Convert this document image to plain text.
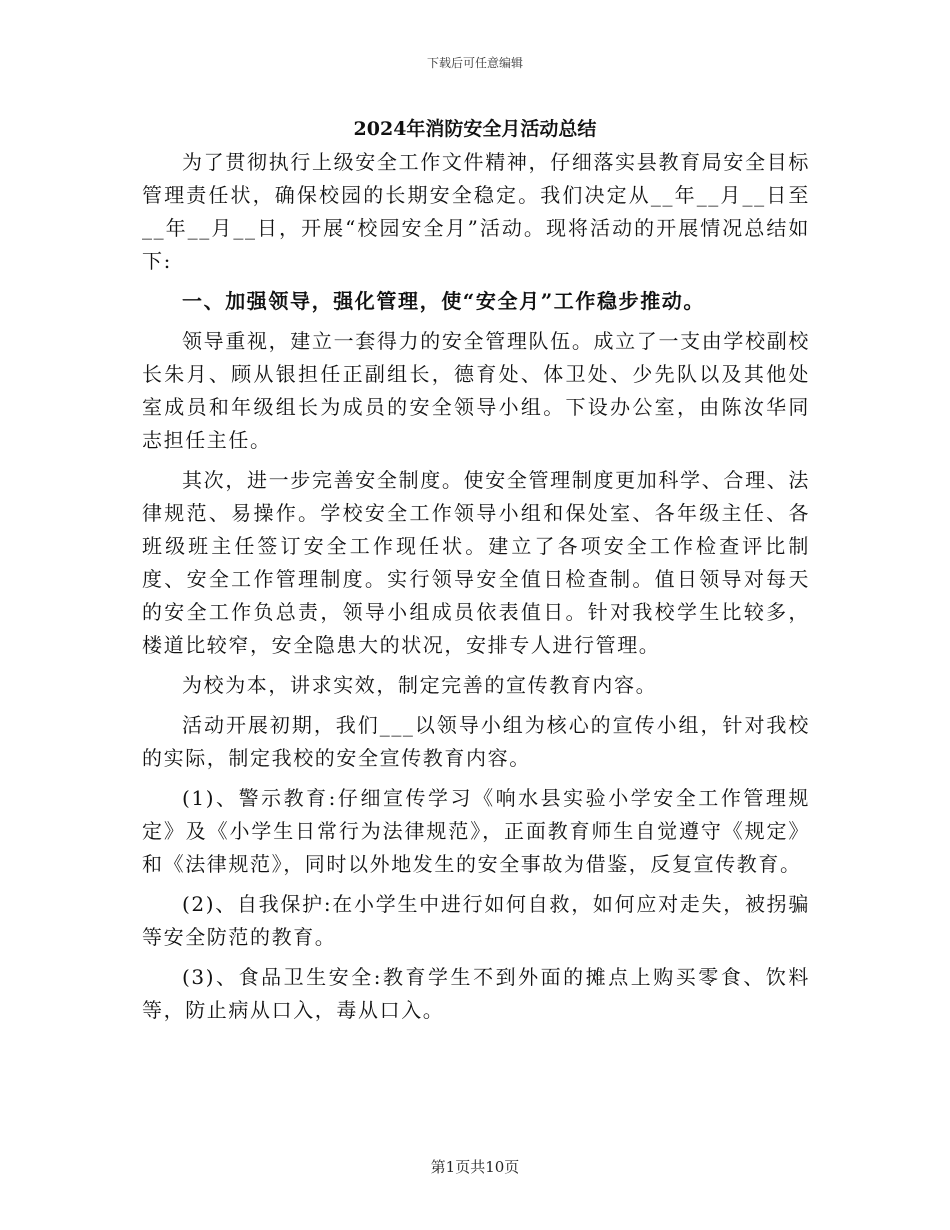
下载后可任意编辑
2024年消防安全月活动总结

为了贯彻执行上级安全工作文件精神，仔细落实县教育局安全目标管理责任状，确保校园的长期安全稳定。我们决定从__年__月__日至__年__月__日，开展“校园安全月”活动。现将活动的开展情况总结如下:

一、加强领导，强化管理，使“安全月”工作稳步推动。

领导重视，建立一套得力的安全管理队伍。成立了一支由学校副校长朱月、顾从银担任正副组长，德育处、体卫处、少先队以及其他处室成员和年级组长为成员的安全领导小组。下设办公室，由陈汝华同志担任主任。

其次，进一步完善安全制度。使安全管理制度更加科学、合理、法律规范、易操作。学校安全工作领导小组和保处室、各年级主任、各班级班主任签订安全工作现任状。建立了各项安全工作检查评比制度、安全工作管理制度。实行领导安全值日检查制。值日领导对每天的安全工作负总责，领导小组成员依表值日。针对我校学生比较多，楼道比较窄，安全隐患大的状况，安排专人进行管理。

为校为本，讲求实效，制定完善的宣传教育内容。

活动开展初期，我们___以领导小组为核心的宣传小组，针对我校的实际，制定我校的安全宣传教育内容。

(1)、警示教育:仔细宣传学习《响水县实验小学安全工作管理规定》及《小学生日常行为法律规范》，正面教育师生自觉遵守《规定》和《法律规范》，同时以外地发生的安全事故为借鉴，反复宣传教育。

(2)、自我保护:在小学生中进行如何自救，如何应对走失，被拐骗等安全防范的教育。

(3)、食品卫生安全:教育学生不到外面的摊点上购买零食、饮料等，防止病从口入，毒从口入。

第1页共10页
